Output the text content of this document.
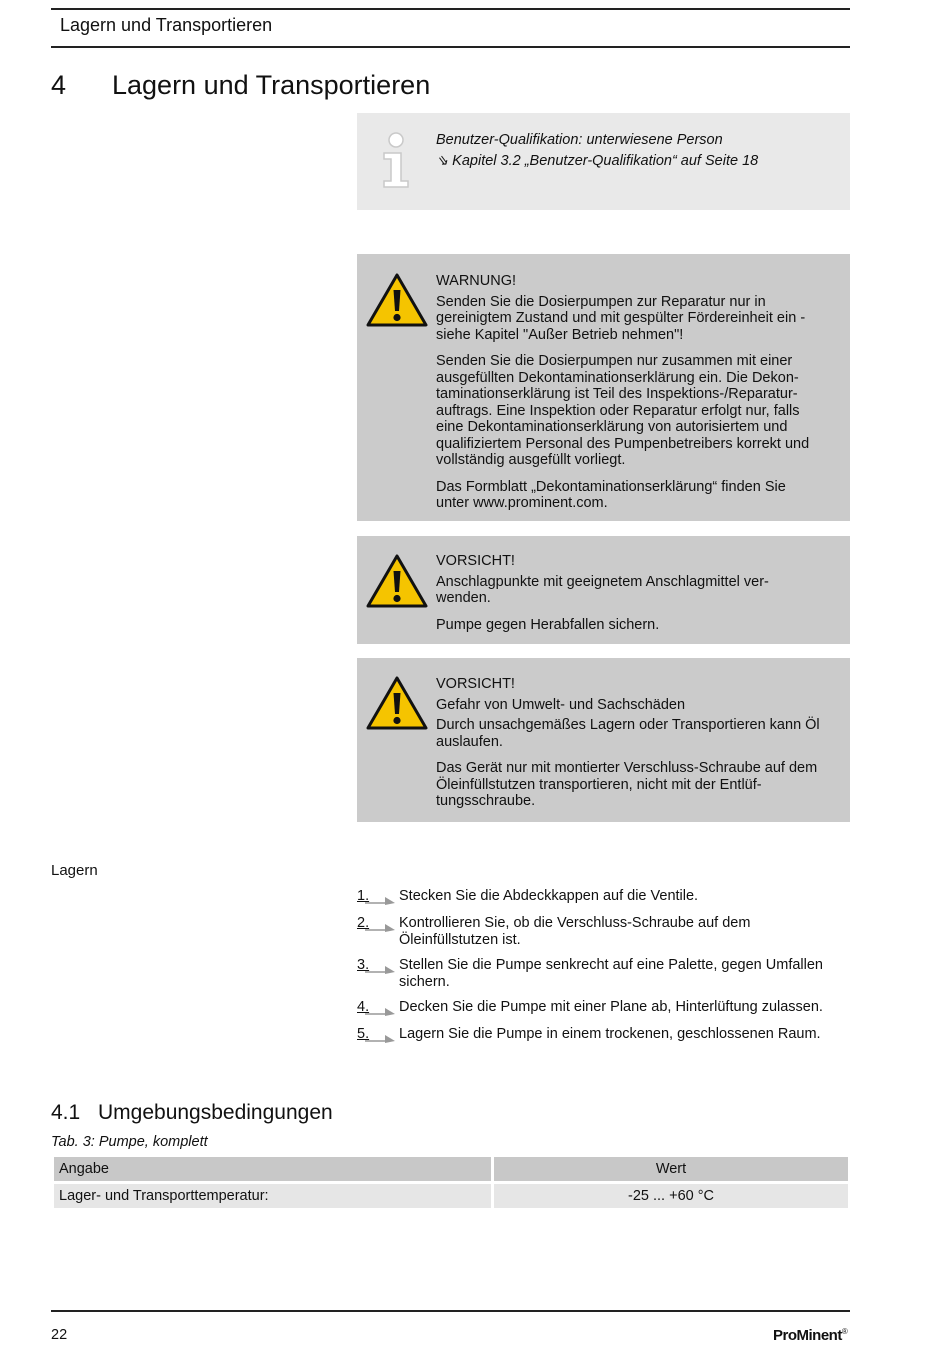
Lagern und Transportieren
4 Lagern und Transportieren

Benutzer-Qualifikation: unterwiesene Person

⇘ Kapitel 3.2 „Benutzer-Qualifikation“ auf Seite 18

WARNUNG!

Senden Sie die Dosierpumpen zur Reparatur nur in gereinigtem Zustand und mit gespülter Fördereinheit ein - siehe Kapitel "Außer Betrieb nehmen"!

Senden Sie die Dosierpumpen nur zusammen mit einer ausgefüllten Dekontaminationserklärung ein. Die Dekon-taminationserklärung ist Teil des Inspektions-/Reparatur-auftrags. Eine Inspektion oder Reparatur erfolgt nur, falls eine Dekontaminationserklärung von autorisiertem und qualifiziertem Personal des Pumpenbetreibers korrekt und vollständig ausgefüllt vorliegt.

Das Formblatt „Dekontaminationserklärung“ finden Sie unter www.prominent.com.

VORSICHT!

Anschlagpunkte mit geeignetem Anschlagmittel ver-wenden.

Pumpe gegen Herabfallen sichern.

VORSICHT!

Gefahr von Umwelt- und Sachschäden

Durch unsachgemäßes Lagern oder Transportieren kann Öl auslaufen.

Das Gerät nur mit montierter Verschluss-Schraube auf dem Öleinfüllstutzen transportieren, nicht mit der Entlüf-tungsschraube.

Lagern
1.	Stecken Sie die Abdeckkappen auf die Ventile.
2.	Kontrollieren Sie, ob die Verschluss-Schraube auf dem Öleinfüllstutzen ist.
3.	Stellen Sie die Pumpe senkrecht auf eine Palette, gegen Umfallen sichern.
4.	Decken Sie die Pumpe mit einer Plane ab, Hinterlüftung zulassen.
5.	Lagern Sie die Pumpe in einem trockenen, geschlossenen Raum.
4.1 Umgebungsbedingungen
Tab. 3: Pumpe, komplett
Angabe	Wert
Lager- und Transporttemperatur:	-25 ... +60 °C
22	ProMinent®
